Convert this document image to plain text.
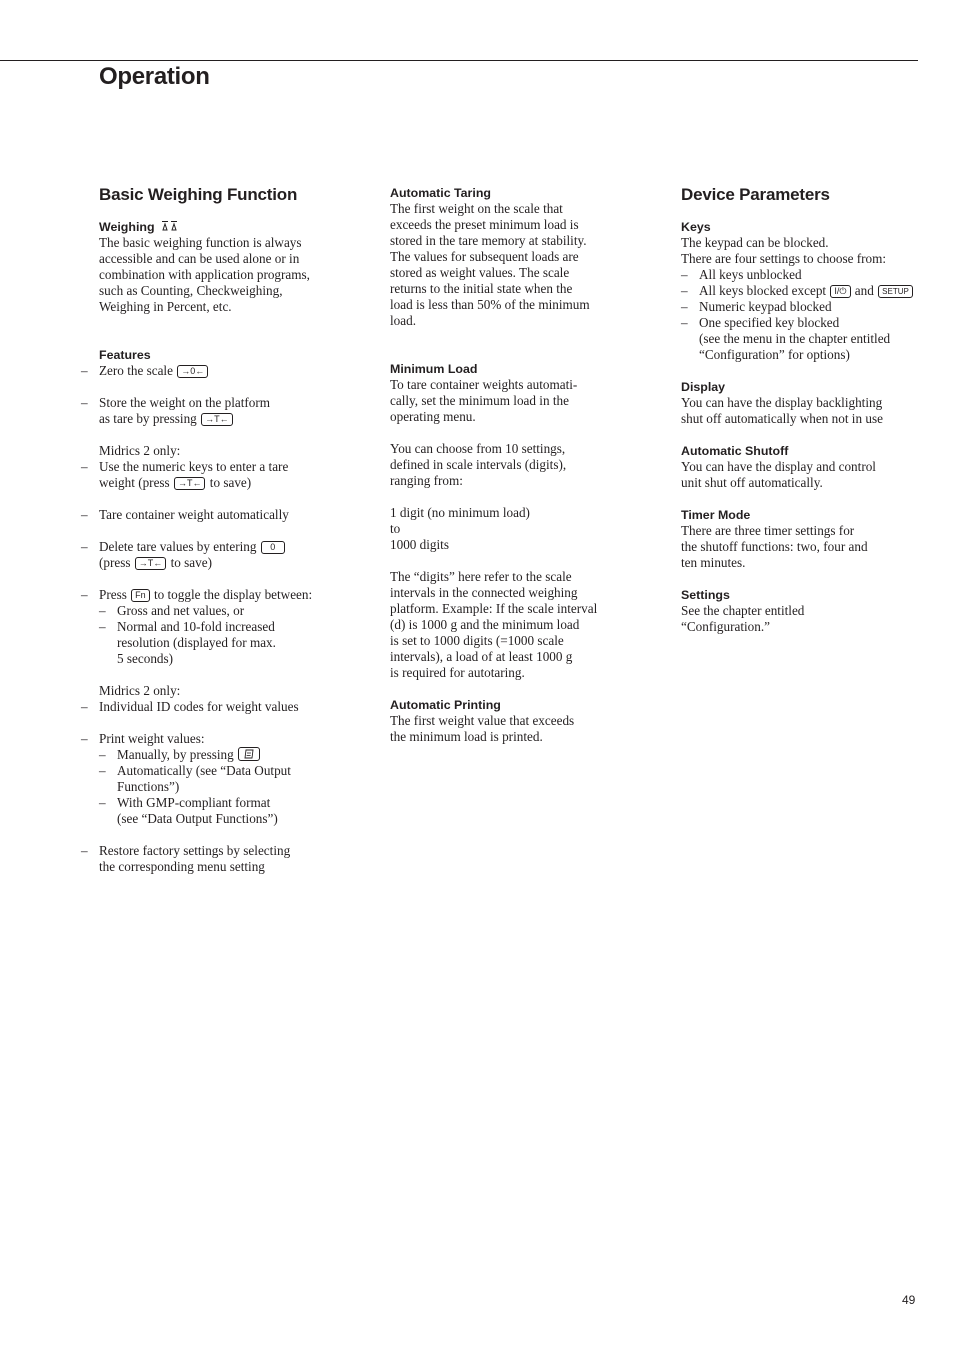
Operation
Basic Weighing Function
Weighing

The basic weighing function is always

accessible and can be used alone or in

combination with application programs,

such as Counting, Checkweighing,

Weighing in Percent, etc.

Features

– Zero the scale →0←

– Store the weight on the platform

as tare by pressing →T←

Midrics 2 only:

– Use the numeric keys to enter a tare

weight (press →T← to save)

– Tare container weight automatically

– Delete tare values by entering 0

(press →T← to save)

– Press Fn to toggle the display between:

– Gross and net values, or

– Normal and 10-fold increased

resolution (displayed for max.

5 seconds)

Midrics 2 only:

– Individual ID codes for weight values

– Print weight values:

– Manually, by pressing

– Automatically (see “Data Output

Functions”)

– With GMP-compliant format

(see “Data Output Functions”)

– Restore factory settings by selecting

the corresponding menu setting

Automatic Taring

The first weight on the scale that

exceeds the preset minimum load is

stored in the tare memory at stability.

The values for subsequent loads are

stored as weight values. The scale

returns to the initial state when the

load is less than 50% of the minimum

load.

Minimum Load

To tare container weights automati-

cally, set the minimum load in the

operating menu.

You can choose from 10 settings,

defined in scale intervals (digits),

ranging from:

1 digit (no minimum load)

to

1000 digits

The “digits” here refer to the scale

intervals in the connected weighing

platform. Example: If the scale interval

(d) is 1000 g and the minimum load

is set to 1000 digits (=1000 scale

intervals), a load of at least 1000 g

is required for autotaring.

Automatic Printing

The first weight value that exceeds

the minimum load is printed.

Device Parameters
Keys

The keypad can be blocked.

There are four settings to choose from:

– All keys unblocked

– All keys blocked except I/⏻ and SETUP

– Numeric keypad blocked

– One specified key blocked

(see the menu in the chapter entitled

“Configuration” for options)

Display

You can have the display backlighting

shut off automatically when not in use

Automatic Shutoff

You can have the display and control

unit shut off automatically.

Timer Mode

There are three timer settings for

the shutoff functions: two, four and

ten minutes.

Settings

See the chapter entitled

“Configuration.”

49
